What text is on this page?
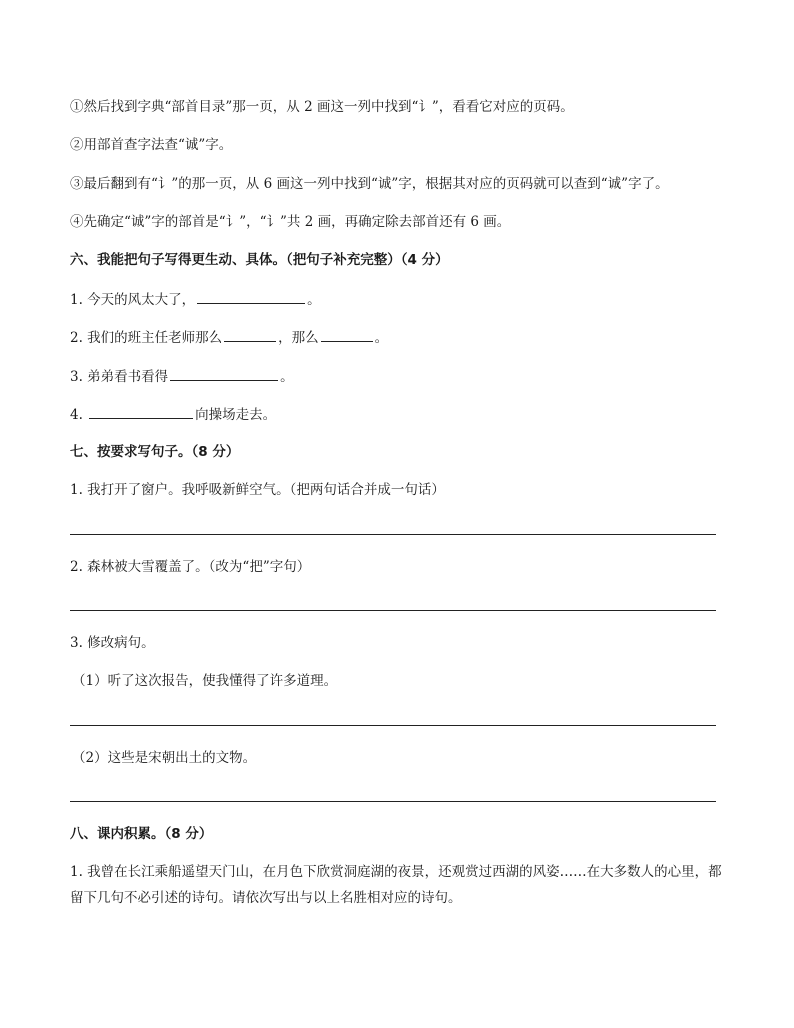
①然后找到字典“部首目录”那一页，从 2 画这一列中找到“讠”，看看它对应的页码。
②用部首查字法查“诚”字。
③最后翻到有“讠”的那一页，从 6 画这一列中找到“诚”字，根据其对应的页码就可以查到“诚”字了。
④先确定“诚”字的部首是“讠”，“讠”共 2 画，再确定除去部首还有 6 画。
六、我能把句子写得更生动、具体。（把句子补充完整）（4 分）
1. 今天的风太大了，	。
2. 我们的班主任老师那么	，那么	。
3. 弟弟看书看得	。
4.	向操场走去。
七、按要求写句子。（8 分）
1. 我打开了窗户。我呼吸新鲜空气。（把两句话合并成一句话）
2. 森林被大雪覆盖了。（改为“把”字句）
3. 修改病句。
（1）听了这次报告，使我懂得了许多道理。
（2）这些是宋朝出土的文物。
八、课内积累。（8 分）
1. 我曾在长江乘船遥望天门山，在月色下欣赏洞庭湖的夜景，还观赏过西湖的风姿……在大多数人的心里，都留下几句不必引述的诗句。请依次写出与以上名胜相对应的诗句。
